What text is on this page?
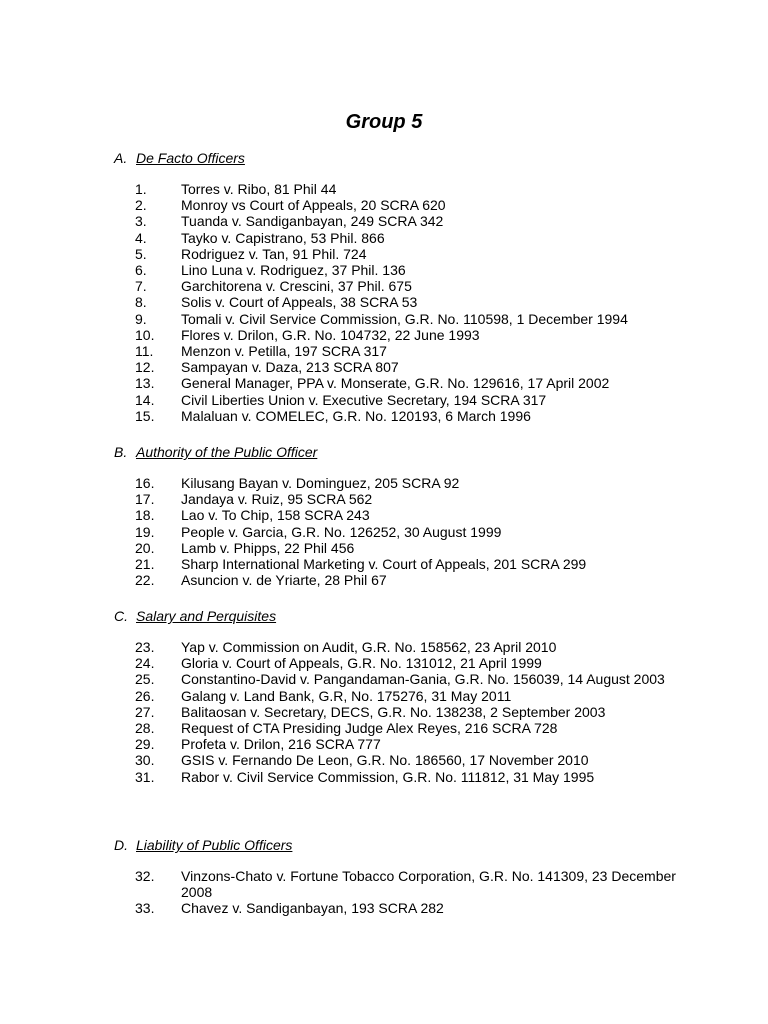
Group 5
A. De Facto Officers
1. Torres v. Ribo, 81 Phil 44
2. Monroy vs Court of Appeals, 20 SCRA 620
3. Tuanda v. Sandiganbayan, 249 SCRA 342
4. Tayko v. Capistrano, 53 Phil. 866
5. Rodriguez v. Tan, 91 Phil. 724
6. Lino Luna v. Rodriguez, 37 Phil. 136
7. Garchitorena v. Crescini, 37 Phil. 675
8. Solis v. Court of Appeals, 38 SCRA 53
9. Tomali v. Civil Service Commission, G.R. No. 110598, 1 December 1994
10. Flores v. Drilon, G.R. No. 104732, 22 June 1993
11. Menzon v. Petilla, 197 SCRA 317
12. Sampayan v. Daza, 213 SCRA 807
13. General Manager, PPA v. Monserate, G.R. No. 129616, 17 April 2002
14. Civil Liberties Union v. Executive Secretary, 194 SCRA 317
15. Malaluan v. COMELEC, G.R. No. 120193, 6 March 1996
B. Authority of the Public Officer
16. Kilusang Bayan v. Dominguez, 205 SCRA 92
17. Jandaya v. Ruiz, 95 SCRA 562
18. Lao v. To Chip, 158 SCRA 243
19. People v. Garcia, G.R. No. 126252, 30 August 1999
20. Lamb v. Phipps, 22 Phil 456
21. Sharp International Marketing v. Court of Appeals, 201 SCRA 299
22. Asuncion v. de Yriarte, 28 Phil 67
C. Salary and Perquisites
23. Yap v. Commission on Audit, G.R. No. 158562, 23 April 2010
24. Gloria v. Court of Appeals, G.R. No. 131012, 21 April 1999
25. Constantino-David v. Pangandaman-Gania, G.R. No. 156039, 14 August 2003
26. Galang v. Land Bank, G.R, No. 175276, 31 May 2011
27. Balitaosan v. Secretary, DECS, G.R. No. 138238, 2 September 2003
28. Request of CTA Presiding Judge Alex Reyes, 216 SCRA 728
29. Profeta v. Drilon, 216 SCRA 777
30. GSIS v. Fernando De Leon, G.R. No. 186560, 17 November 2010
31. Rabor v. Civil Service Commission, G.R. No. 111812, 31 May 1995
D. Liability of Public Officers
32. Vinzons-Chato v. Fortune Tobacco Corporation, G.R. No. 141309, 23 December 2008
33. Chavez v. Sandiganbayan, 193 SCRA 282
